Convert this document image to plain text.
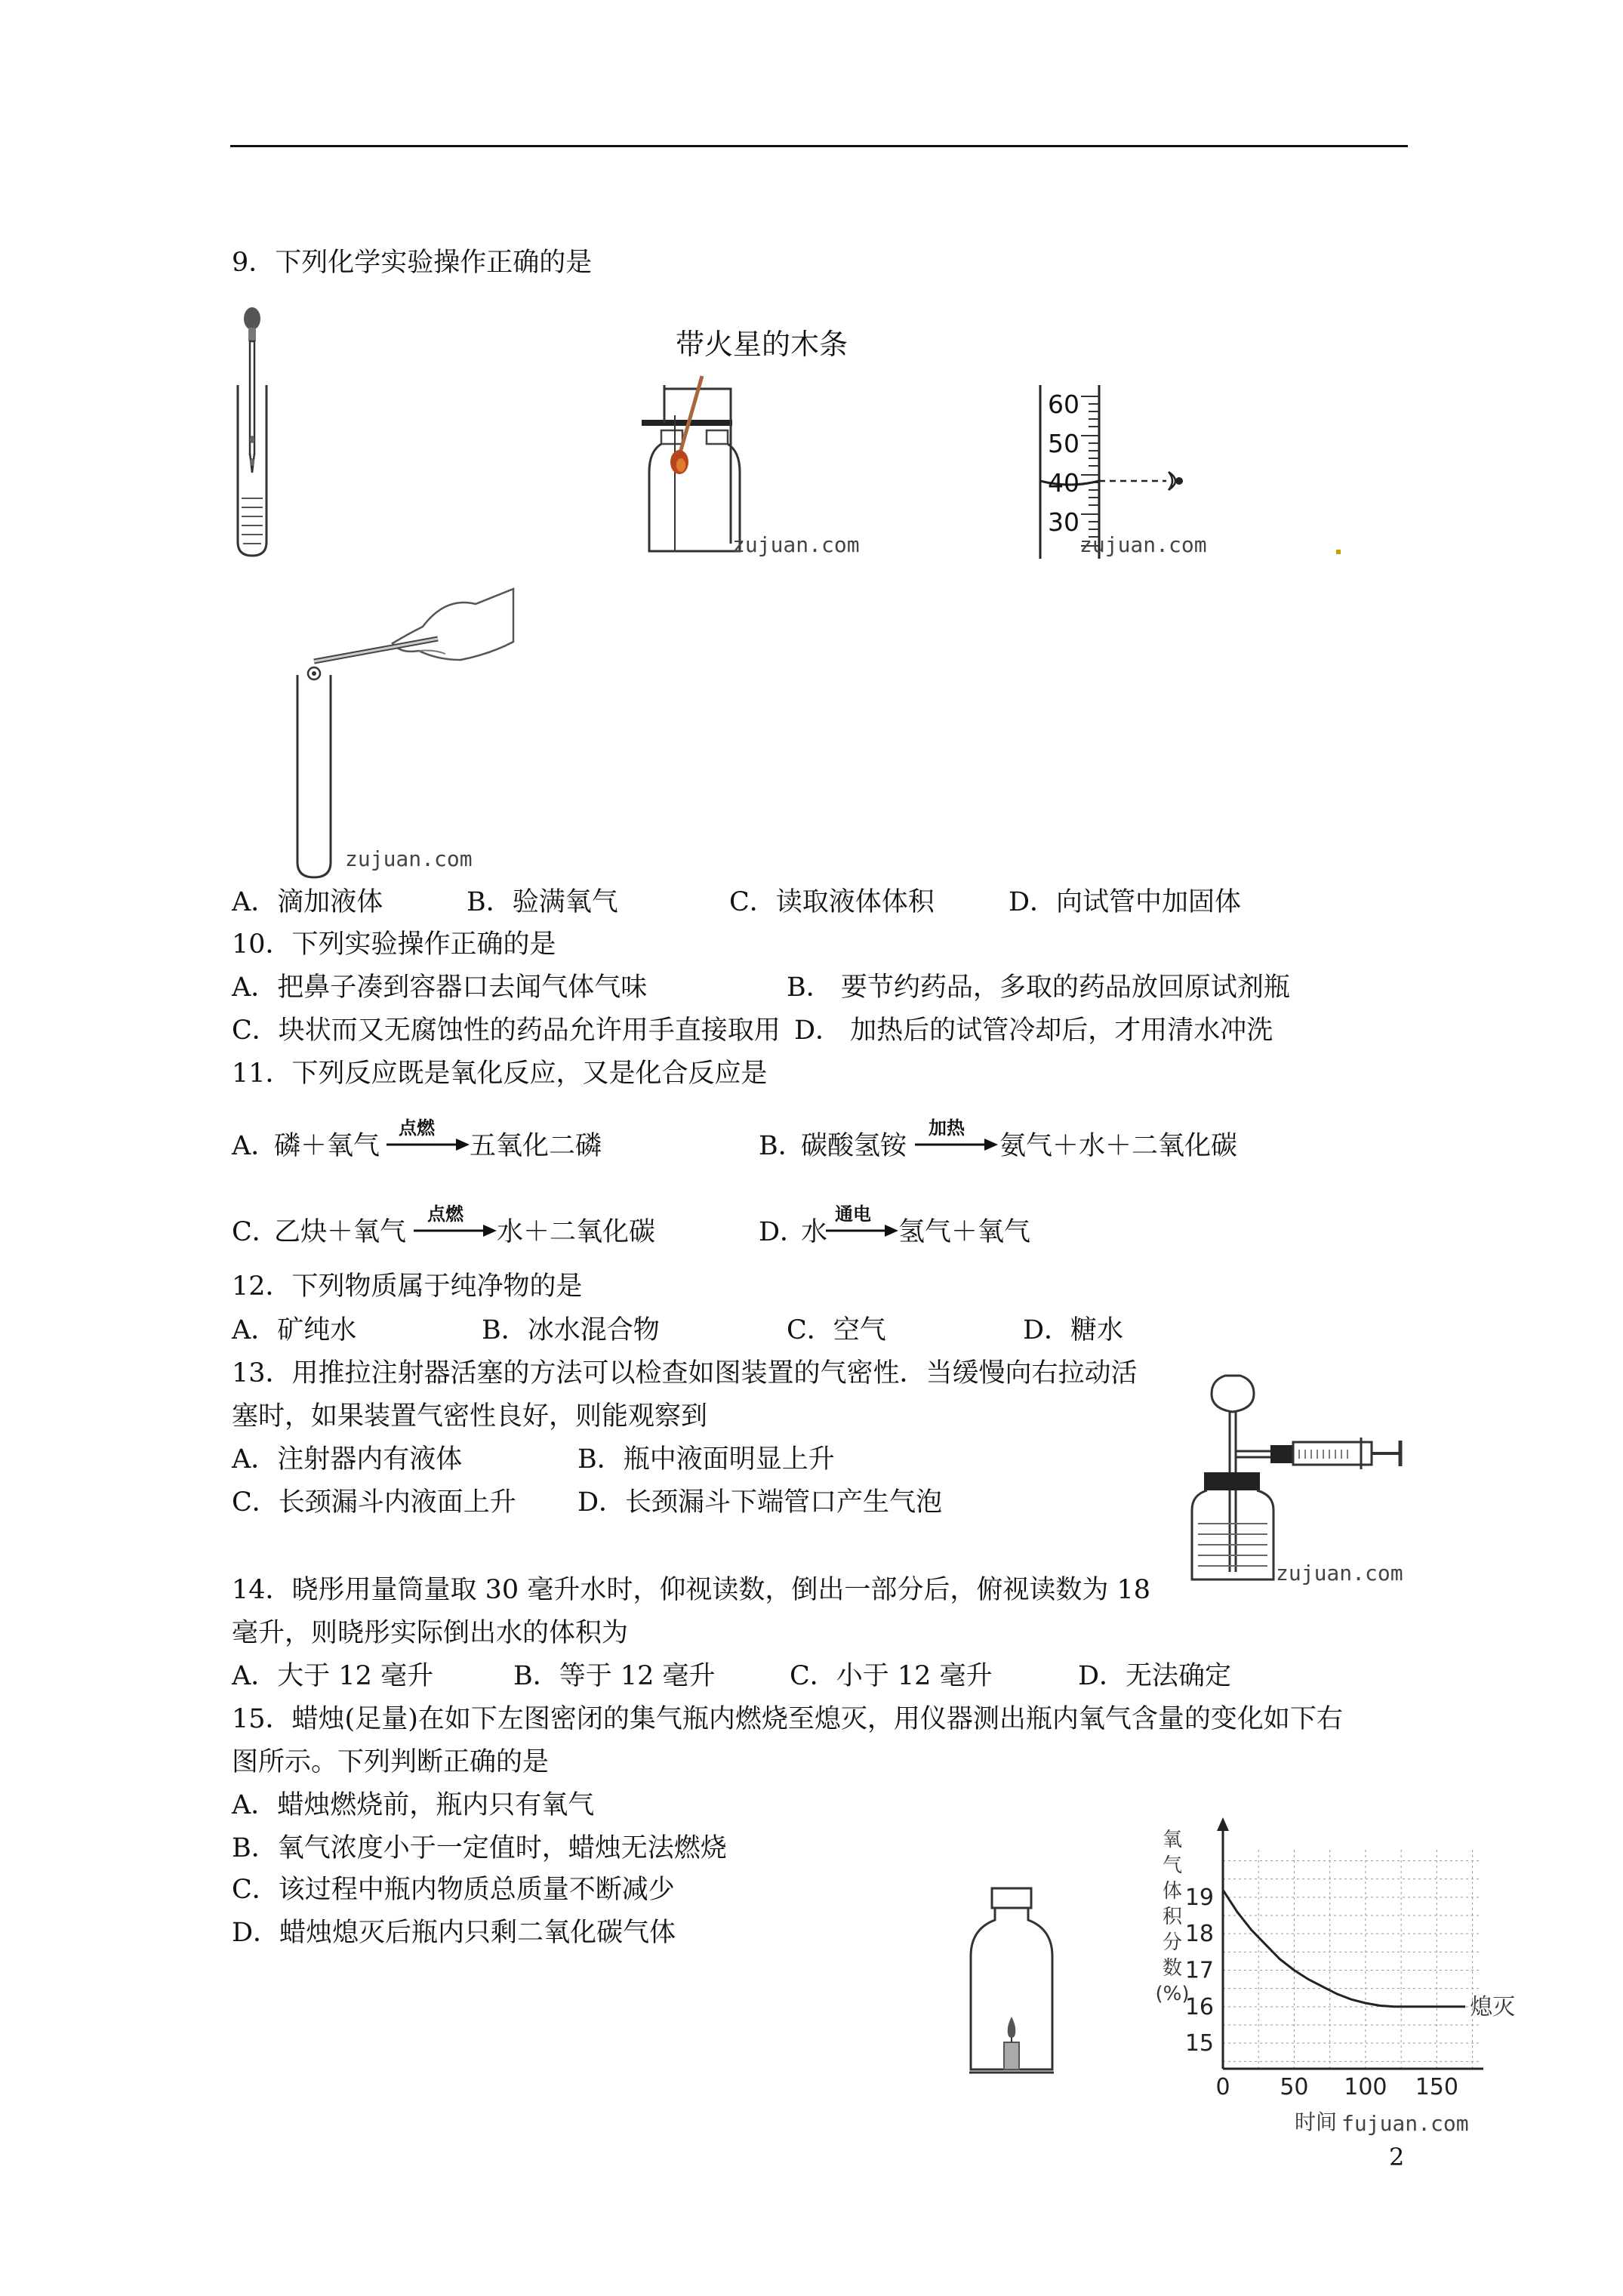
9．下列化学实验操作正确的是
带火星的木条
zujuan.com
60
50
40
30
zujuan.com
zujuan.com
A．滴加液体	B．验满氧气	C．读取液体体积	D．向试管中加固体
10．下列实验操作正确的是
A．把鼻子凑到容器口去闻气体气味	B． 要节约药品，多取的药品放回原试剂瓶
C．块状而又无腐蚀性的药品允许用手直接取用 D． 加热后的试管冷却后，才用清水冲洗
11．下列反应既是氧化反应，又是化合反应是
A．
磷＋氧气
点燃
五氧化二磷	B．
碳酸氢铵
加热
氨气＋水＋二氧化碳
C．
乙炔＋氧气
点燃
水＋二氧化碳	D．
水
通电
氢气＋氧气
12．下列物质属于纯净物的是
A．矿纯水	B．冰水混合物	C．空气	D．糖水
13．用推拉注射器活塞的方法可以检查如图装置的气密性．当缓慢向右拉动活
塞时，如果装置气密性良好，则能观察到
A．注射器内有液体	B．瓶中液面明显上升
C．长颈漏斗内液面上升 D．长颈漏斗下端管口产生气泡
zujuan.com
14．晓彤用量筒量取 30 毫升水时，仰视读数，倒出一部分后，俯视读数为 18
毫升，则晓彤实际倒出水的体积为
A．大于 12 毫升	B．等于 12 毫升	C．小于 12 毫升	D．无法确定
15．蜡烛(足量)在如下左图密闭的集气瓶内燃烧至熄灭，用仪器测出瓶内氧气含量的变化如下右
图所示。下列判断正确的是
A．蜡烛燃烧前，瓶内只有氧气
B．氧气浓度小于一定值时，蜡烛无法燃烧
C．该过程中瓶内物质总质量不断减少
D．蜡烛熄灭后瓶内只剩二氧化碳气体
0 50 100 150
15
16
17
18
19
氧
气
体
积
分
数
(%)
时间 fujuan.com
熄灭
2
